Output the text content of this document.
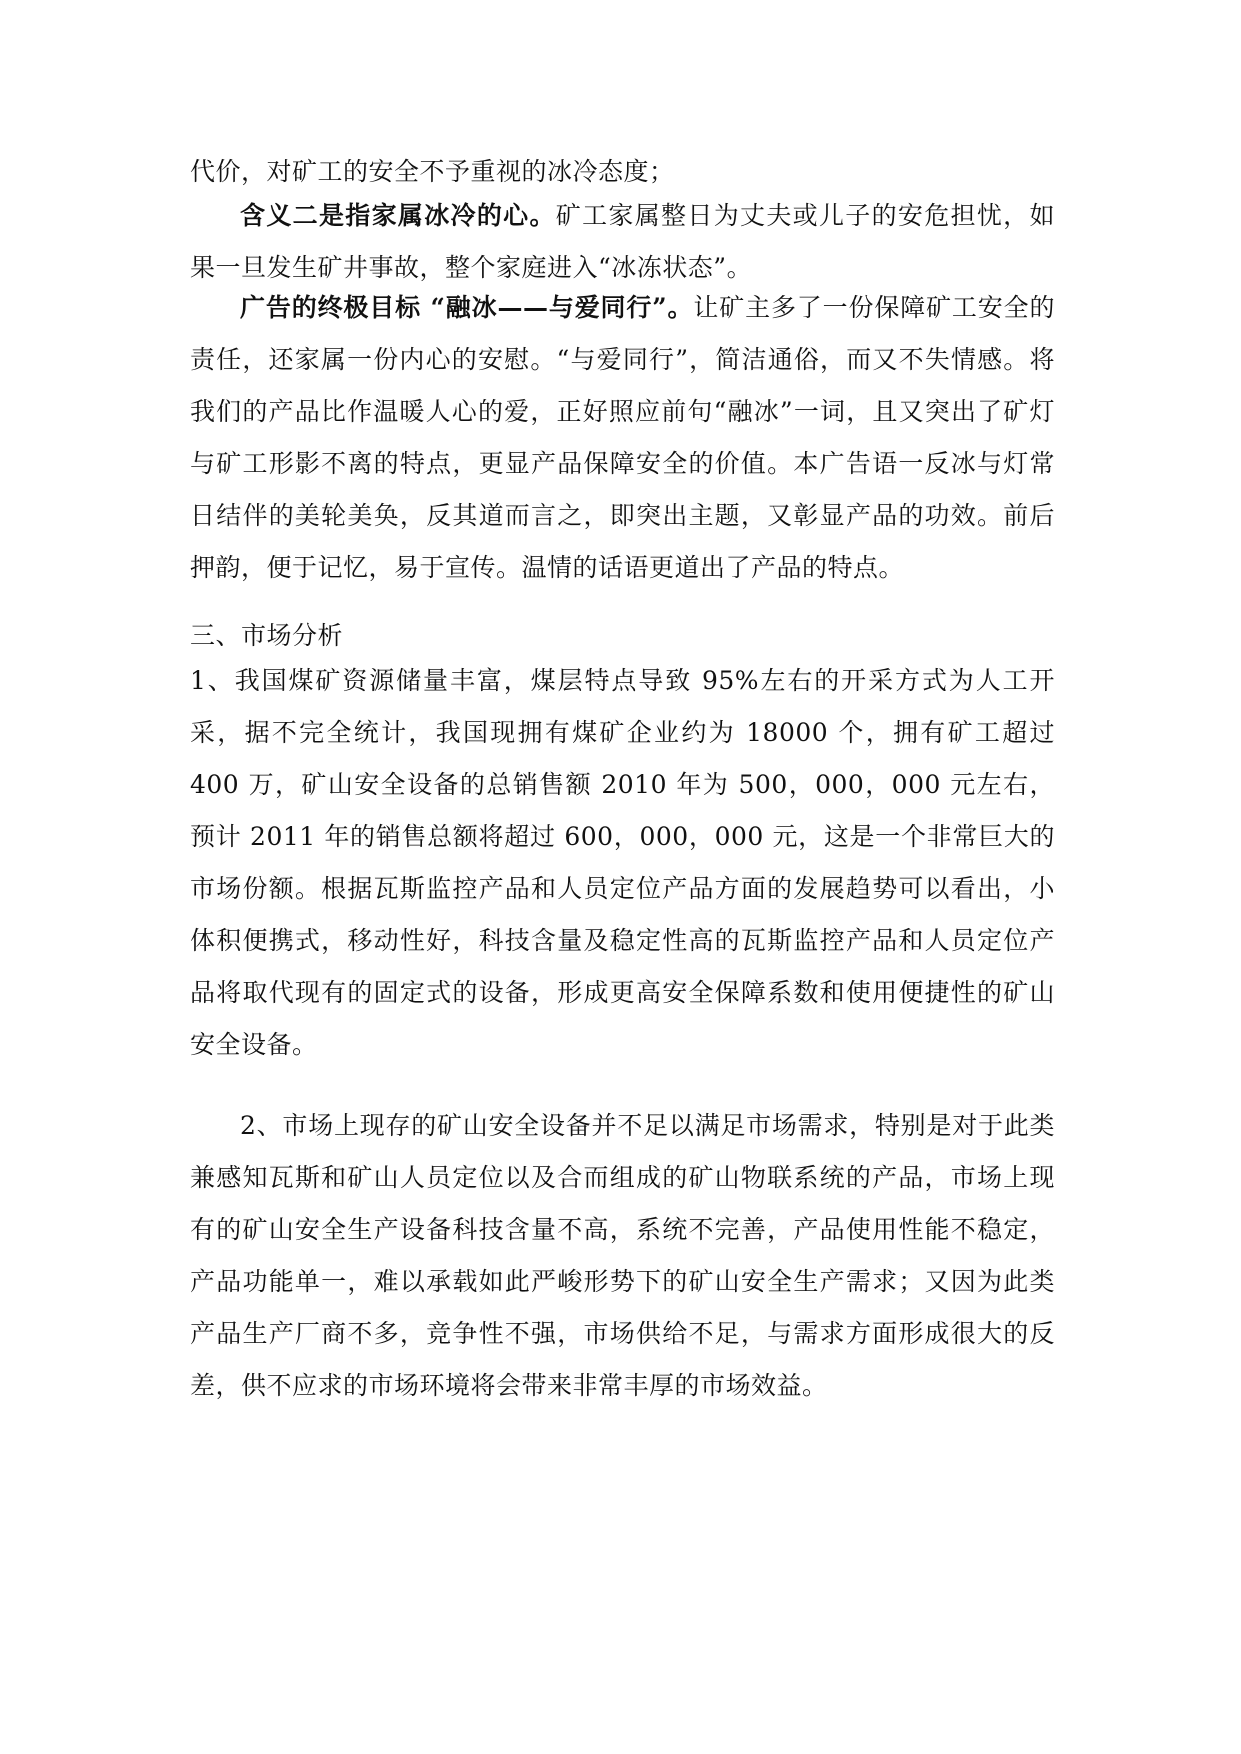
代价，对矿工的安全不予重视的冰冷态度；

含义二是指家属冰冷的心。矿工家属整日为丈夫或儿子的安危担忧，如果一旦发生矿井事故，整个家庭进入“冰冻状态”。

广告的终极目标 “融冰——与爱同行”。让矿主多了一份保障矿工安全的责任，还家属一份内心的安慰。“与爱同行”，简洁通俗，而又不失情感。将我们的产品比作温暖人心的爱，正好照应前句“融冰”一词，且又突出了矿灯与矿工形影不离的特点，更显产品保障安全的价值。本广告语一反冰与灯常日结伴的美轮美奂，反其道而言之，即突出主题，又彰显产品的功效。前后押韵，便于记忆，易于宣传。温情的话语更道出了产品的特点。

三、市场分析

1、我国煤矿资源储量丰富，煤层特点导致 95%左右的开采方式为人工开采，据不完全统计，我国现拥有煤矿企业约为 18000 个，拥有矿工超过 400 万，矿山安全设备的总销售额 2010 年为 500，000，000 元左右，预计 2011 年的销售总额将超过 600，000，000 元，这是一个非常巨大的市场份额。根据瓦斯监控产品和人员定位产品方面的发展趋势可以看出，小体积便携式，移动性好，科技含量及稳定性高的瓦斯监控产品和人员定位产品将取代现有的固定式的设备，形成更高安全保障系数和使用便捷性的矿山安全设备。

2、市场上现存的矿山安全设备并不足以满足市场需求，特别是对于此类兼感知瓦斯和矿山人员定位以及合而组成的矿山物联系统的产品，市场上现有的矿山安全生产设备科技含量不高，系统不完善，产品使用性能不稳定，产品功能单一，难以承载如此严峻形势下的矿山安全生产需求；又因为此类产品生产厂商不多，竞争性不强，市场供给不足，与需求方面形成很大的反差，供不应求的市场环境将会带来非常丰厚的市场效益。
